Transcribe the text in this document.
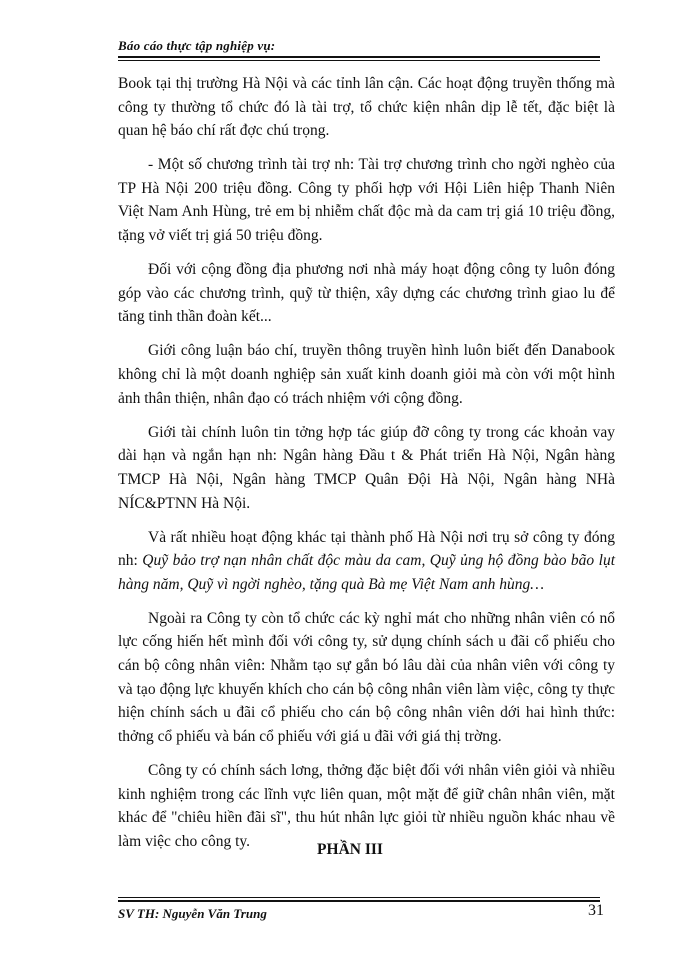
Báo cáo thực tập nghiệp vụ:

Book tại thị trường Hà Nội và các tỉnh lân cận. Các hoạt động truyền thống mà công ty thường tổ chức đó là tài trợ, tổ chức kiện nhân dịp lễ tết, đặc biệt là quan hệ báo chí rất đợc chú trọng.

- Một số chương trình tài trợ nh: Tài trợ chương trình cho ngời nghèo của TP Hà Nội 200 triệu đồng. Công ty phối hợp với Hội Liên hiệp Thanh Niên Việt Nam Anh Hùng, trẻ em bị nhiễm chất độc mà da cam trị giá 10 triệu đồng, tặng vở viết trị giá 50 triệu đồng.

Đối với cộng đồng địa phương nơi nhà máy hoạt động công ty luôn đóng góp vào các chương trình, quỹ từ thiện, xây dựng các chương trình giao lu để tăng tinh thần đoàn kết...

Giới công luận báo chí, truyền thông truyền hình luôn biết đến Danabook không chỉ là một doanh nghiệp sản xuất kinh doanh giỏi mà còn với một hình ảnh thân thiện, nhân đạo có trách nhiệm với cộng đồng.

Giới tài chính luôn tin tởng hợp tác giúp đỡ công ty trong các khoản vay dài hạn và ngắn hạn nh: Ngân hàng Đầu t & Phát triển Hà Nội, Ngân hàng TMCP Hà Nội, Ngân hàng TMCP Quân Đội Hà Nội, Ngân hàng NHà NÍC&PTNN Hà Nội.

Và rất nhiều hoạt động khác tại thành phố Hà Nội nơi trụ sở công ty đóng nh: Quỹ bảo trợ nạn nhân chất độc màu da cam, Quỹ ủng hộ đồng bào bão lụt hàng năm, Quỹ vì ngời nghèo, tặng quà Bà mẹ Việt Nam anh hùng…

Ngoài ra Công ty còn tổ chức các kỳ nghỉ mát cho những nhân viên có nổ lực cống hiến hết mình đối với công ty, sử dụng chính sách u đãi cổ phiếu cho cán bộ công nhân viên: Nhằm tạo sự gắn bó lâu dài của nhân viên với công ty và tạo động lực khuyến khích cho cán bộ công nhân viên làm việc, công ty thực hiện chính sách u đãi cổ phiếu cho cán bộ công nhân viên dới hai hình thức: thởng cổ phiếu và bán cổ phiếu với giá u đãi với giá thị trờng.

Công ty có chính sách lơng, thởng đặc biệt đối với nhân viên giỏi và nhiều kinh nghiệm trong các lĩnh vực liên quan, một mặt để giữ chân nhân viên, mặt khác để "chiêu hiền đãi sĩ", thu hút nhân lực giỏi từ nhiều nguồn khác nhau về làm việc cho công ty.	PHẦN III
SV TH: Nguyễn Văn Trung	31
